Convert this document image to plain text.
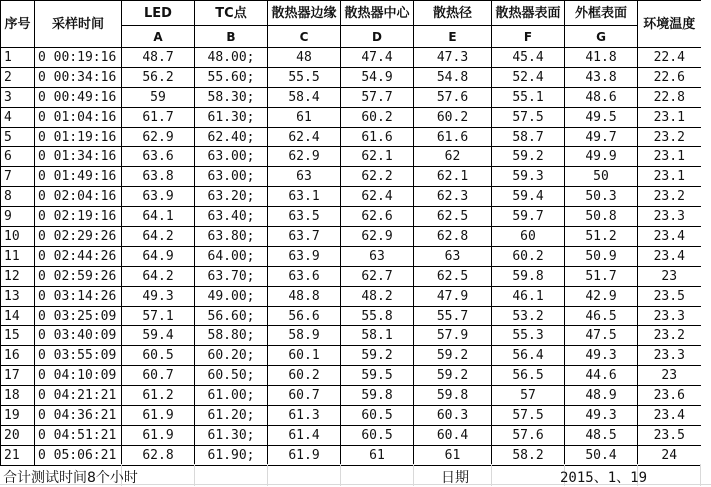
序号	采样时间	LED	TC点	散热器边缘	散热器中心	散热径	散热器表面	外框表面	环境温度
		A	B	C	D	E	F	G	
1	0 00:19:16	48.7	48.00;	48	47.4	47.3	45.4	41.8	22.4
2	0 00:34:16	56.2	55.60;	55.5	54.9	54.8	52.4	43.8	22.6
3	0 00:49:16	59	58.30;	58.4	57.7	57.6	55.1	48.6	22.8
4	0 01:04:16	61.7	61.30;	61	60.2	60.2	57.5	49.5	23.1
5	0 01:19:16	62.9	62.40;	62.4	61.6	61.6	58.7	49.7	23.2
6	0 01:34:16	63.6	63.00;	62.9	62.1	62	59.2	49.9	23.1
7	0 01:49:16	63.8	63.00;	63	62.2	62.1	59.3	50	23.1
8	0 02:04:16	63.9	63.20;	63.1	62.4	62.3	59.4	50.3	23.2
9	0 02:19:16	64.1	63.40;	63.5	62.6	62.5	59.7	50.8	23.3
10	0 02:29:26	64.2	63.80;	63.7	62.9	62.8	60	51.2	23.4
11	0 02:44:26	64.9	64.00;	63.9	63	63	60.2	50.9	23.4
12	0 02:59:26	64.2	63.70;	63.6	62.7	62.5	59.8	51.7	23
13	0 03:14:26	49.3	49.00;	48.8	48.2	47.9	46.1	42.9	23.5
14	0 03:25:09	57.1	56.60;	56.6	55.8	55.7	53.2	46.5	23.3
15	0 03:40:09	59.4	58.80;	58.9	58.1	57.9	55.3	47.5	23.2
16	0 03:55:09	60.5	60.20;	60.1	59.2	59.2	56.4	49.3	23.3
17	0 04:10:09	60.7	60.50;	60.2	59.5	59.2	56.5	44.6	23
18	0 04:21:21	61.2	61.00;	60.7	59.8	59.8	57	48.9	23.6
19	0 04:36:21	61.9	61.20;	61.3	60.5	60.3	57.5	49.3	23.4
20	0 04:51:21	61.9	61.30;	61.4	60.5	60.4	57.6	48.5	23.5
21	0 05:06:21	62.8	61.90;	61.9	61	61	58.2	50.4	24
合计测试时间8个小时	日期	2015、1、19
